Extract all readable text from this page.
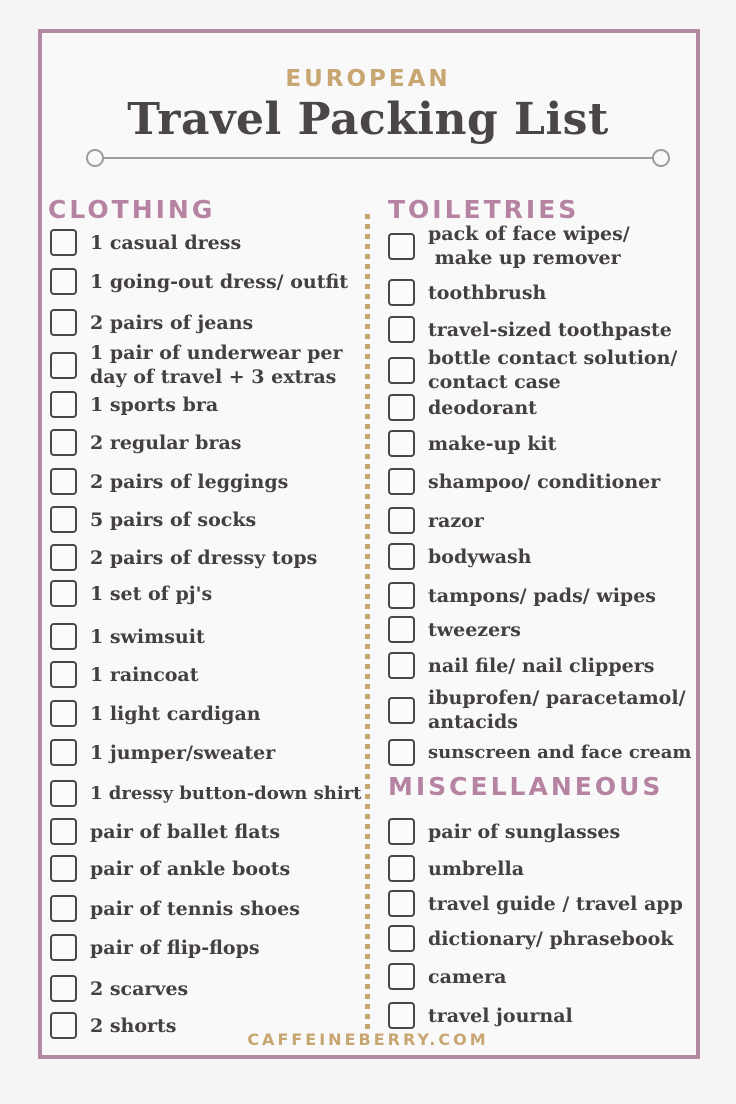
EUROPEAN
Travel Packing List
CLOTHING	TOILETRIES
MISCELLANEOUS
1 casual dress
1 going-out dress/ outfit
2 pairs of jeans
1 pair of underwear per
day of travel + 3 extras
1 sports bra
2 regular bras
2 pairs of leggings
5 pairs of socks
2 pairs of dressy tops
1 set of pj's
1 swimsuit
1 raincoat
1 light cardigan
1 jumper/sweater
1 dressy button-down shirt
pair of ballet flats
pair of ankle boots
pair of tennis shoes
pair of flip-flops
2 scarves
2 shorts
pack of face wipes/
make up remover
toothbrush
travel-sized toothpaste
bottle contact solution/
contact case
deodorant
make-up kit
shampoo/ conditioner
razor
bodywash
tampons/ pads/ wipes
tweezers
nail file/ nail clippers
ibuprofen/ paracetamol/
antacids
sunscreen and face cream
pair of sunglasses
umbrella
travel guide / travel app
dictionary/ phrasebook
camera
travel journal
CAFFEINEBERRY.COM
